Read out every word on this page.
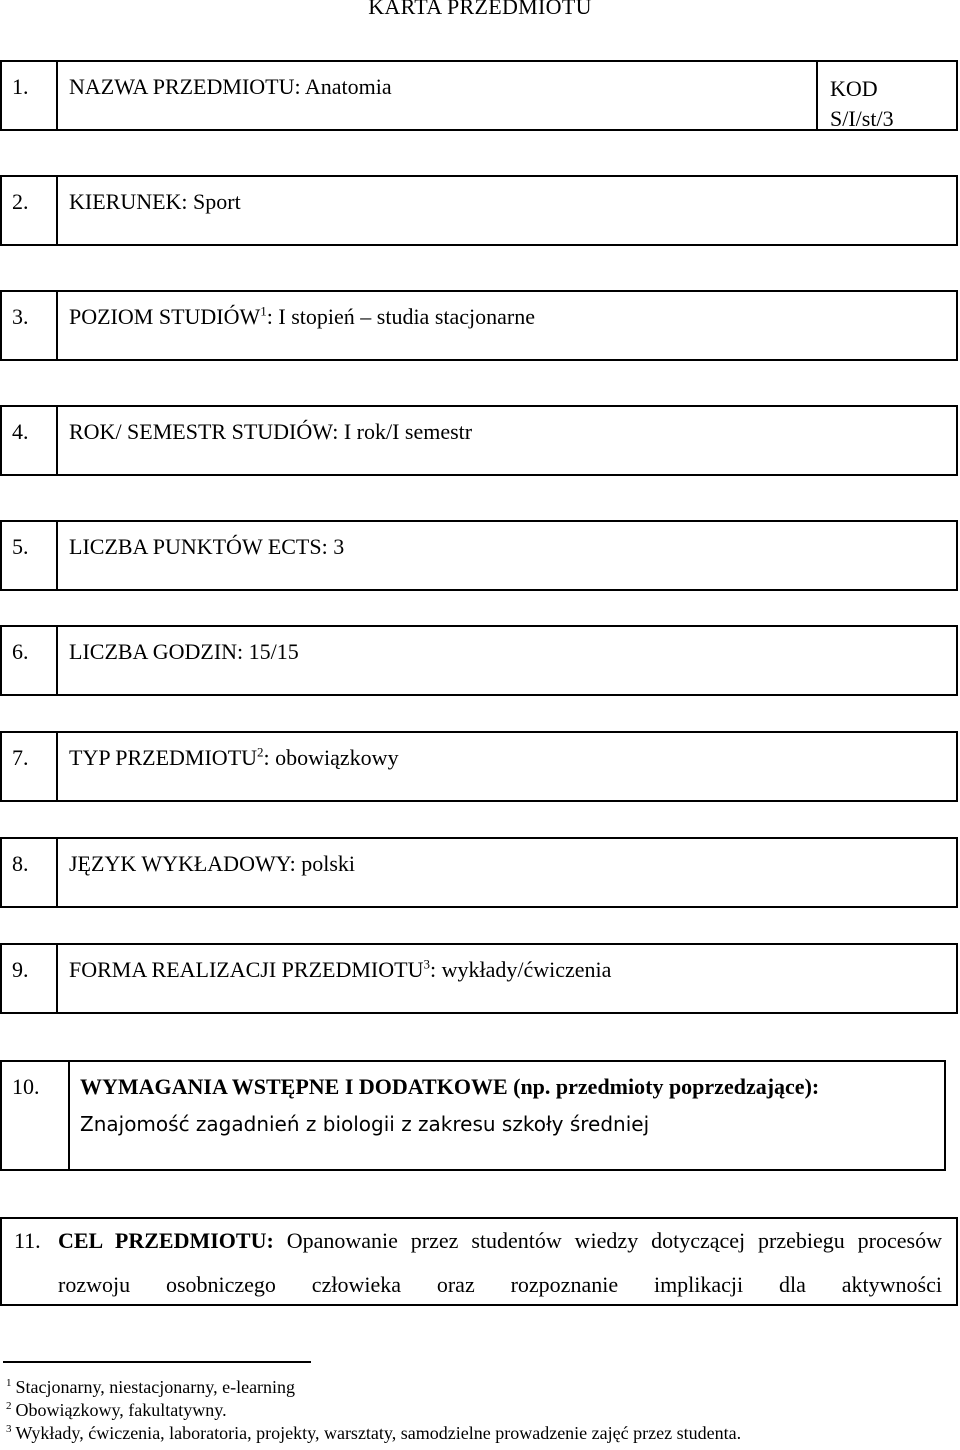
KARTA PRZEDMIOTU
1.	NAZWA PRZEDMIOTU: Anatomia	KOD
S/I/st/3
2.	KIERUNEK: Sport
3.	POZIOM STUDIÓW$^1$: I stopień – studia stacjonarne
4.	ROK/ SEMESTR STUDIÓW: I rok/I semestr
5.	LICZBA PUNKTÓW ECTS: 3
6.	LICZBA GODZIN: 15/15
7.	TYP PRZEDMIOTU$^2$: obowiązkowy
8.	JĘZYK WYKŁADOWY: polski
9.	FORMA REALIZACJI PRZEDMIOTU$^3$: wykłady/ćwiczenia
10.	WYMAGANIA WSTĘPNE I DODATKOWE (np. przedmioty poprzedzające):
Znajomość zagadnień z biologii z zakresu szkoły średniej
11. CEL PRZEDMIOTU: Opanowanie przez studentów wiedzy dotyczącej przebiegu procesów rozwoju osobniczego człowieka oraz rozpoznanie implikacji dla aktywności
$^1$ Stacjonarny, niestacjonarny, e-learning
$^2$ Obowiązkowy, fakultatywny.
$^3$ Wykłady, ćwiczenia, laboratoria, projekty, warsztaty, samodzielne prowadzenie zajęć przez studenta.
